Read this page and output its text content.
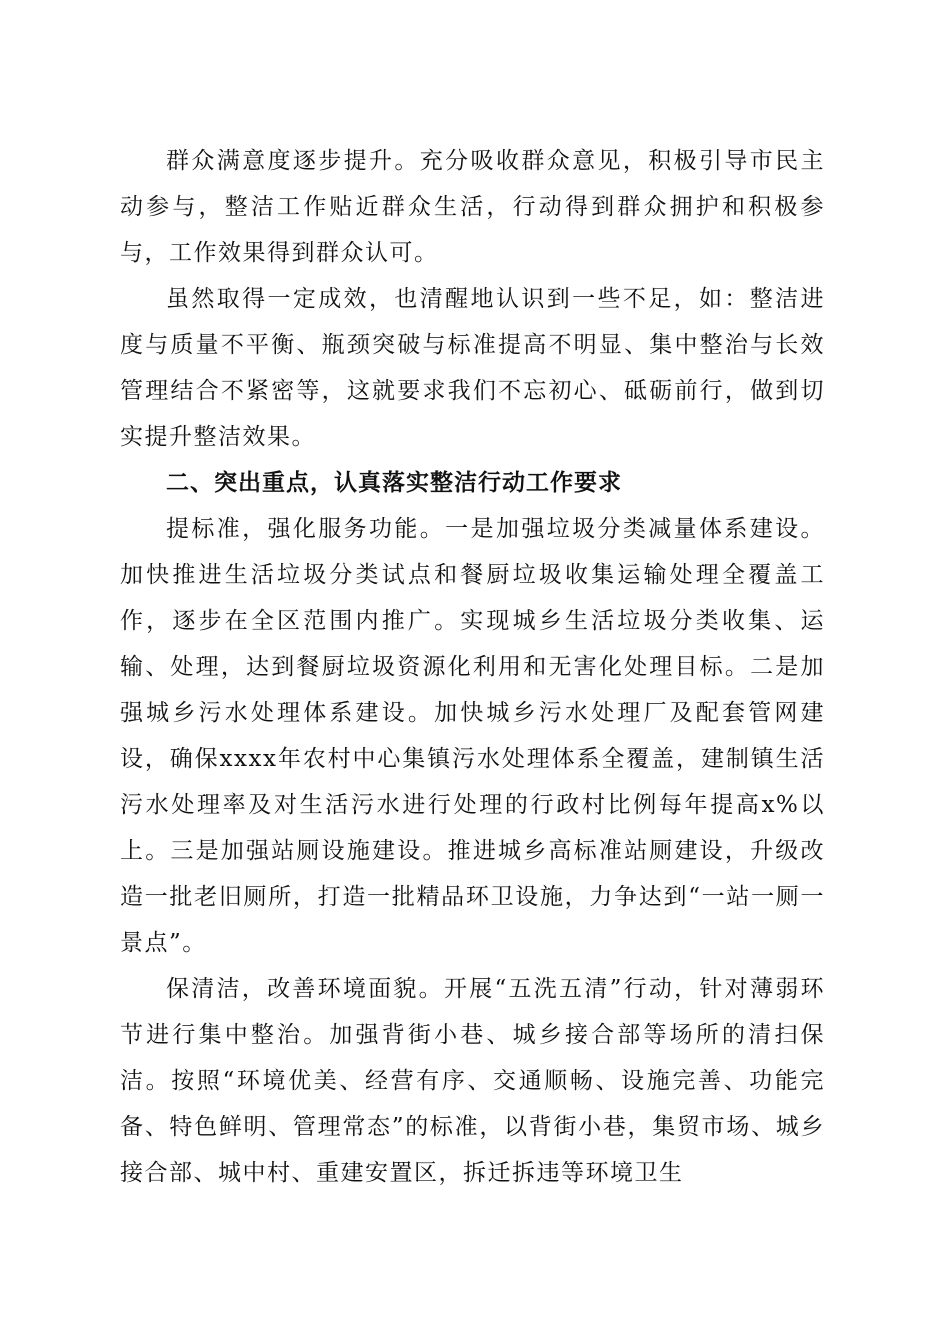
群众满意度逐步提升。充分吸收群众意见，积极引导市民主动参与，整洁工作贴近群众生活，行动得到群众拥护和积极参与，工作效果得到群众认可。

虽然取得一定成效，也清醒地认识到一些不足，如：整洁进度与质量不平衡、瓶颈突破与标准提高不明显、集中整治与长效管理结合不紧密等，这就要求我们不忘初心、砥砺前行，做到切实提升整洁效果。

二、突出重点，认真落实整洁行动工作要求

提标准，强化服务功能。一是加强垃圾分类减量体系建设。加快推进生活垃圾分类试点和餐厨垃圾收集运输处理全覆盖工作，逐步在全区范围内推广。实现城乡生活垃圾分类收集、运输、处理，达到餐厨垃圾资源化利用和无害化处理目标。二是加强城乡污水处理体系建设。加快城乡污水处理厂及配套管网建设，确保xxxx年农村中心集镇污水处理体系全覆盖，建制镇生活污水处理率及对生活污水进行处理的行政村比例每年提高x%以上。三是加强站厕设施建设。推进城乡高标准站厕建设，升级改造一批老旧厕所，打造一批精品环卫设施，力争达到“一站一厕一景点”。

保清洁，改善环境面貌。开展“五洗五清”行动，针对薄弱环节进行集中整治。加强背街小巷、城乡接合部等场所的清扫保洁。按照“环境优美、经营有序、交通顺畅、设施完善、功能完备、特色鲜明、管理常态”的标准，以背街小巷，集贸市场、城乡接合部、城中村、重建安置区，拆迁拆违等环境卫生
